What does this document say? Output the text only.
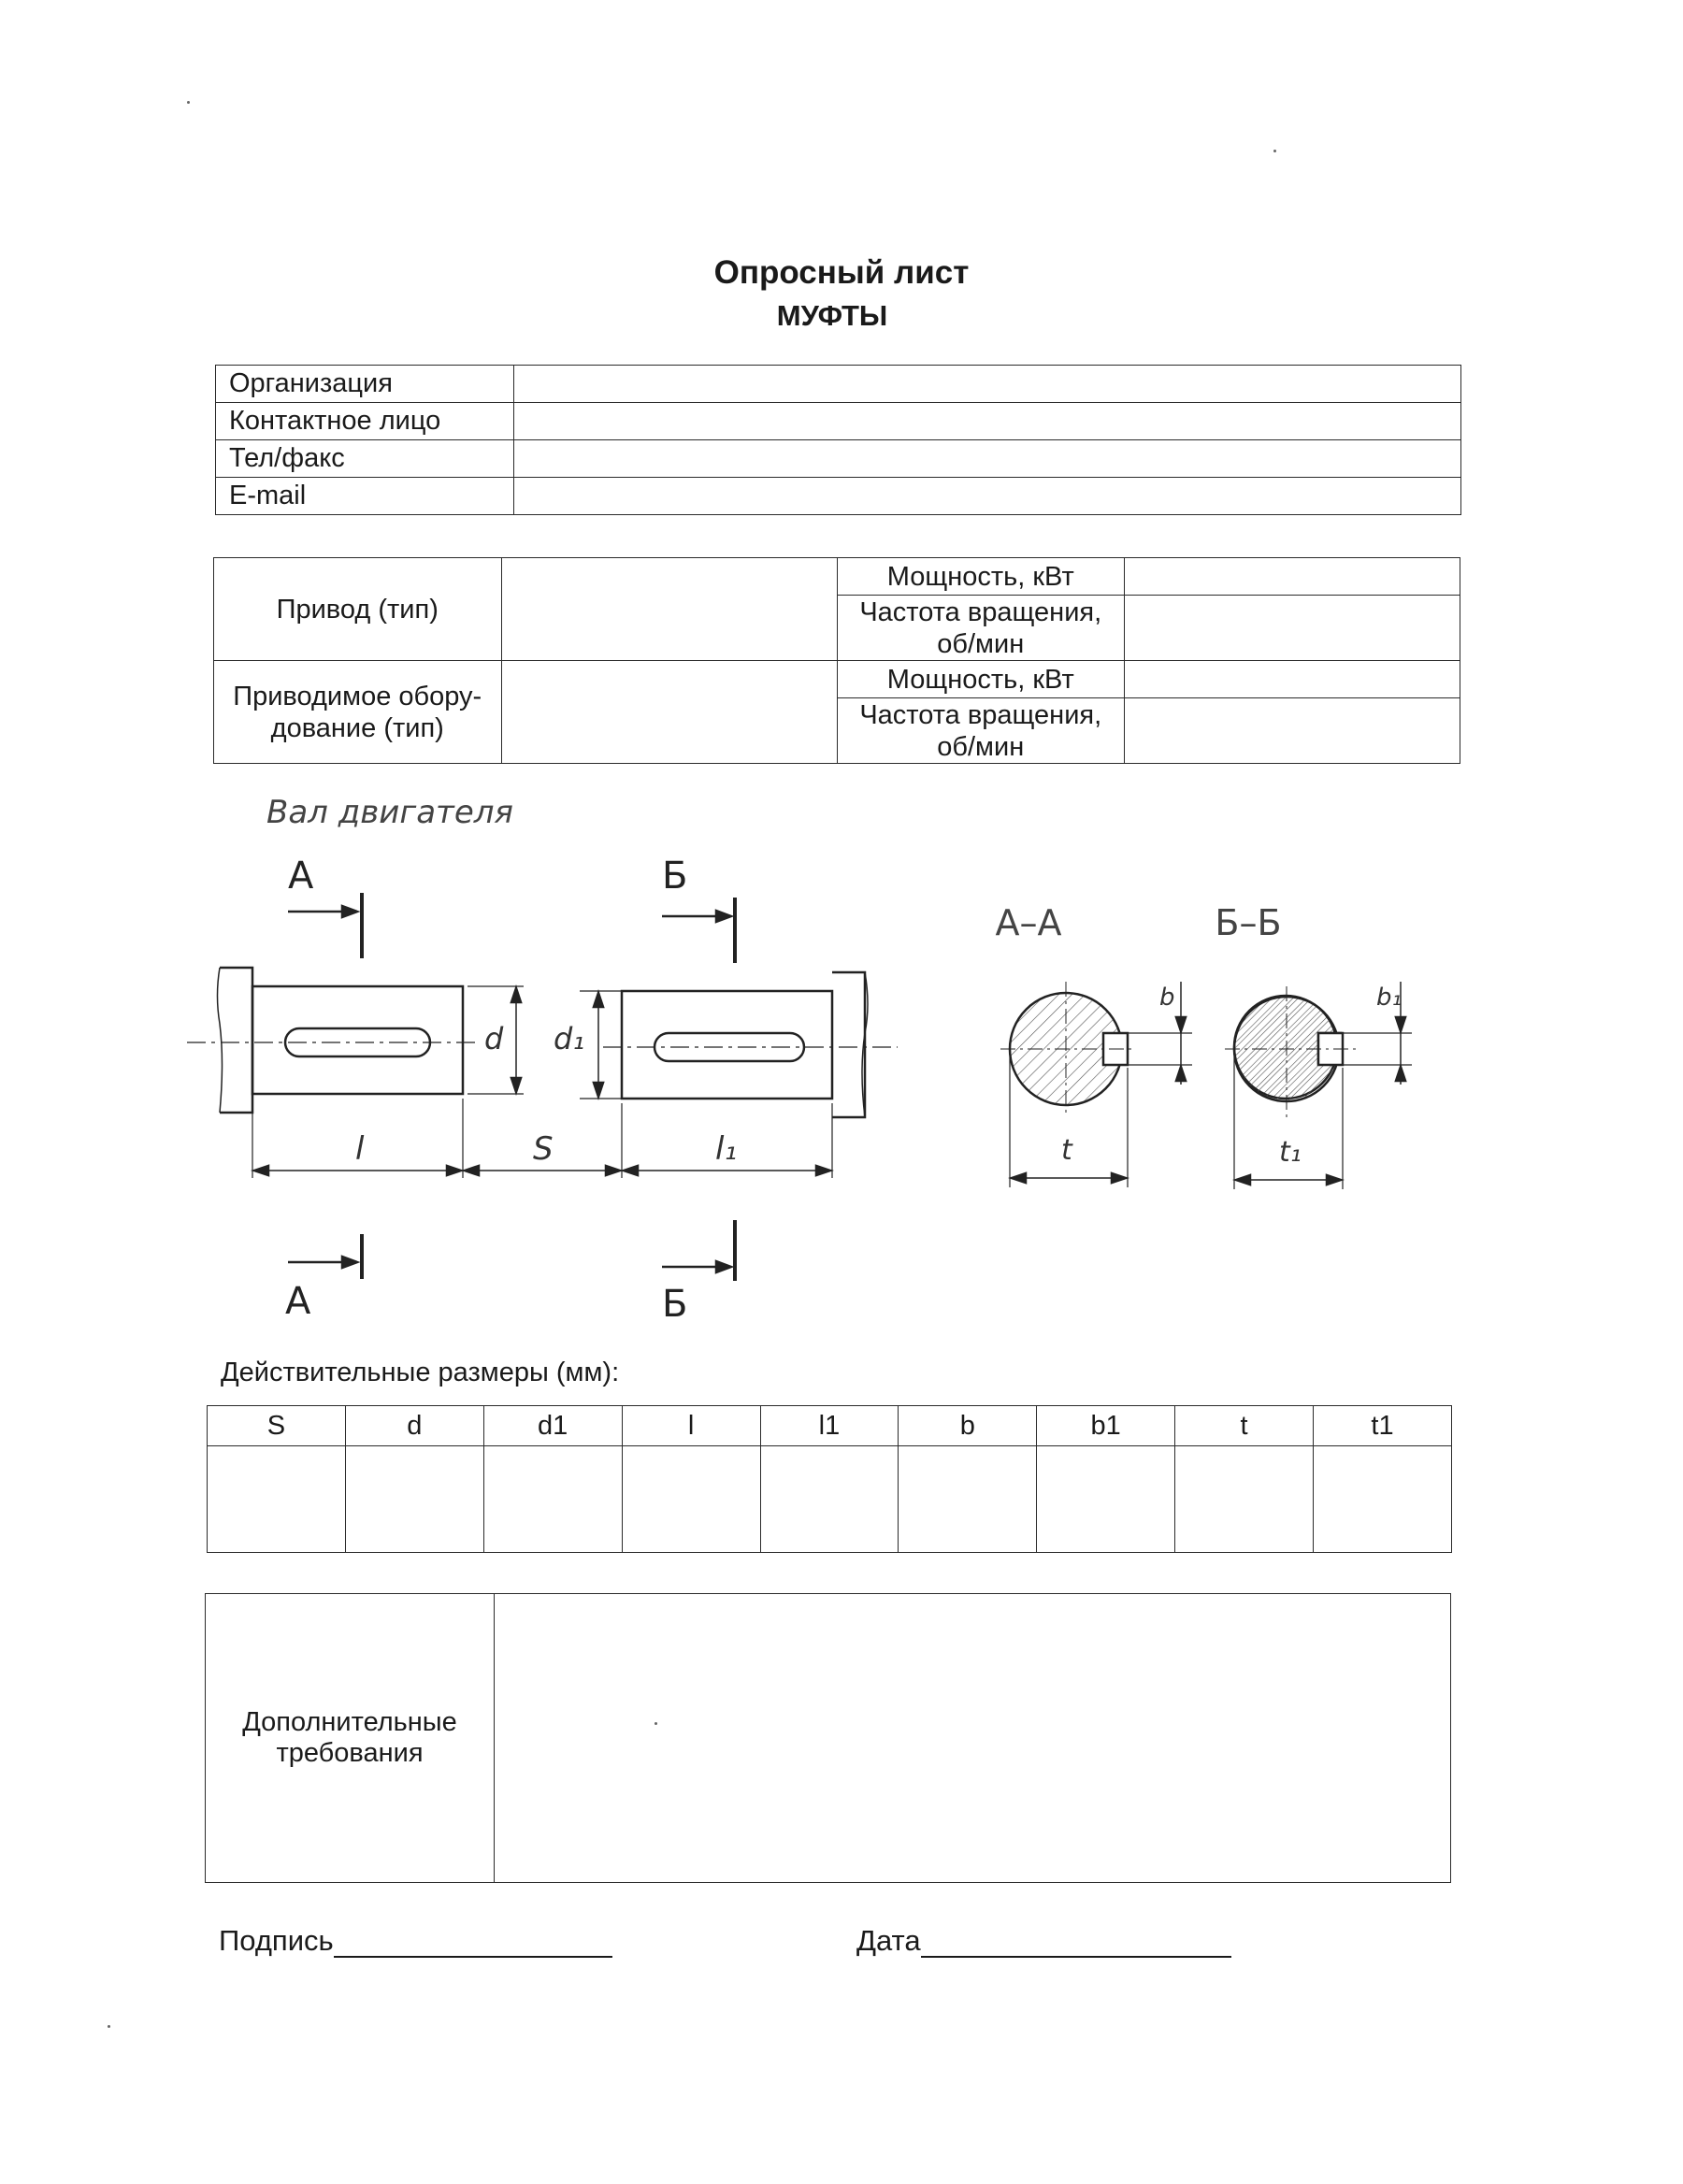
Опросный лист
МУФТЫ
Организация	
Контактное лицо	
Тел/факс	
E-mail	
Привод (тип)		Мощность, кВт	
		Частота вращения, об/мин	
Приводимое обору-дование (тип)		Мощность, кВт	
		Частота вращения, об/мин	
Вал двигателя
А	Б
d d₁
l	S	l₁
А	Б
А–А
b
t
Б–Б
b₁
t₁
Действительные размеры (мм):
S	d	d1	l	l1	b	b1	t	t1

Дополнительные требования	
Подпись	Дата
